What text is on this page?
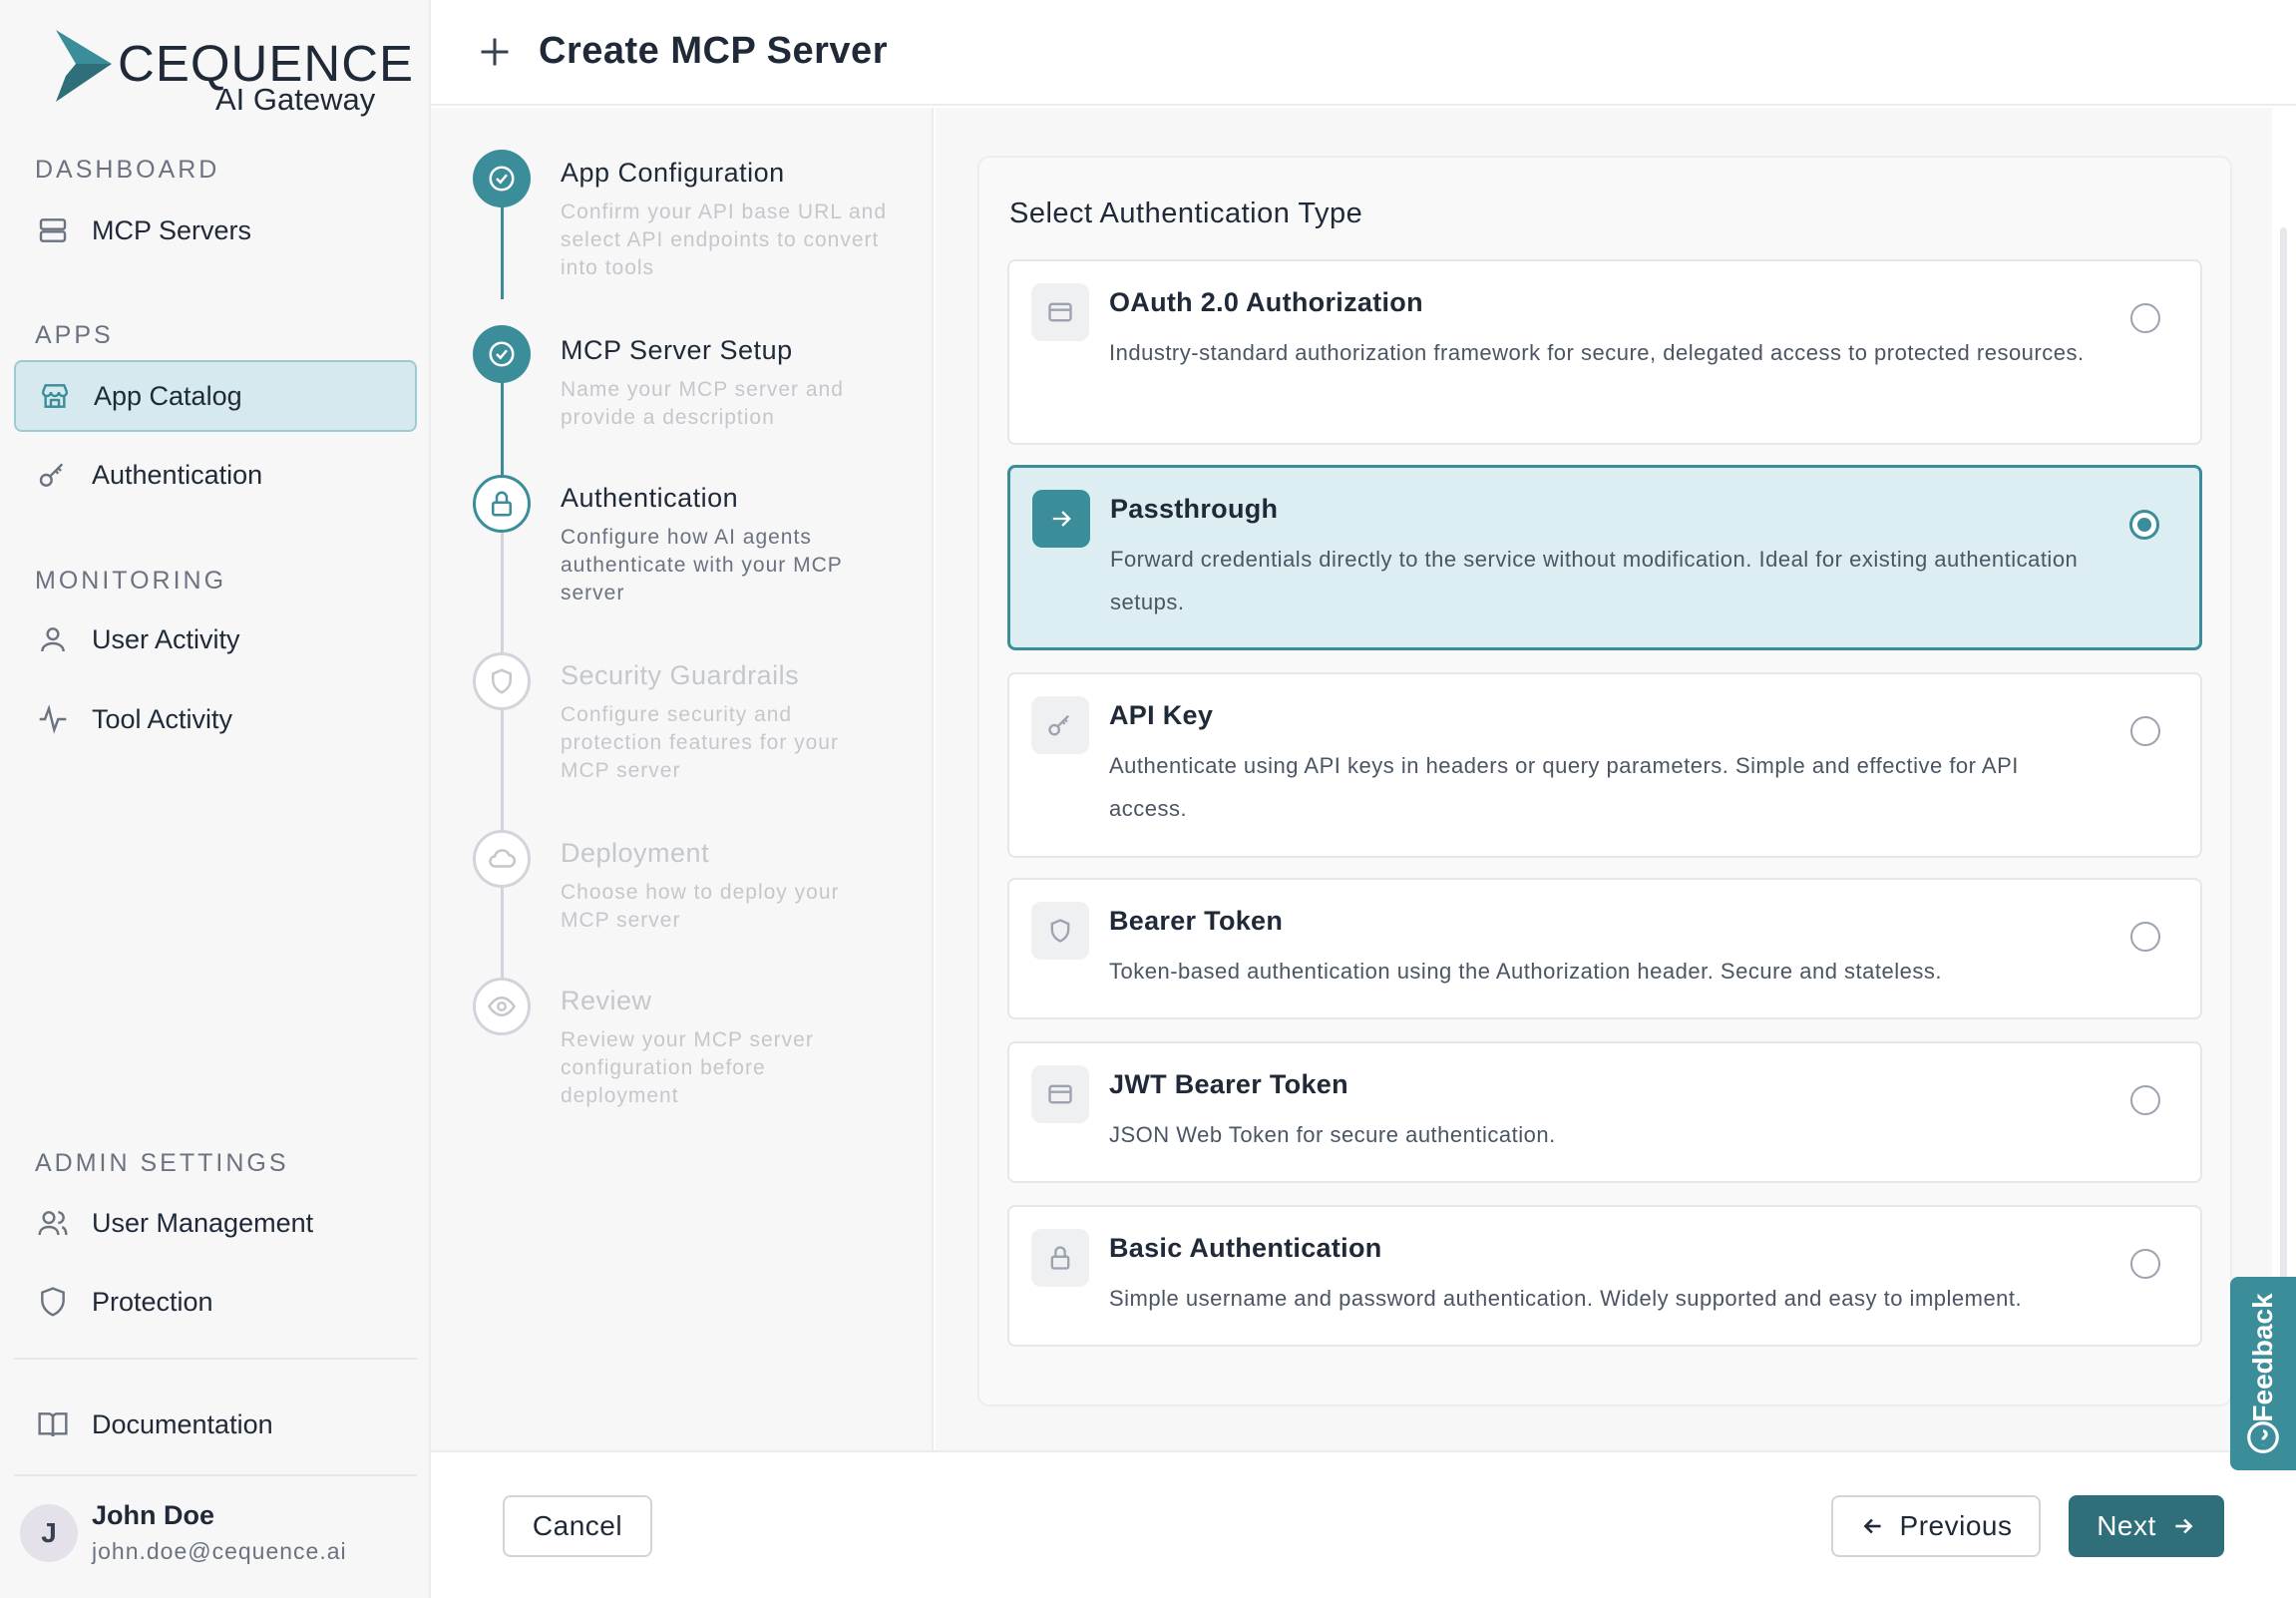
CEQUENCE
AI Gateway
DASHBOARD
MCP Servers
APPS
App Catalog
Authentication
MONITORING
User Activity
Tool Activity
ADMIN SETTINGS
User Management
Protection
Documentation
J
John Doe
john.doe@cequence.ai
Create MCP Server
App Configuration
Confirm your API base URL and select API endpoints to convert into tools
MCP Server Setup
Name your MCP server and provide a description
Authentication
Configure how AI agents authenticate with your MCP server
Security Guardrails
Configure security and protection features for your MCP server
Deployment
Choose how to deploy your MCP server
Review
Review your MCP server configuration before deployment
Select Authentication Type
OAuth 2.0 Authorization
Industry-standard authorization framework for secure, delegated access to protected resources.
Passthrough
Forward credentials directly to the service without modification. Ideal for existing authentication setups.
API Key
Authenticate using API keys in headers or query parameters. Simple and effective for API access.
Bearer Token
Token-based authentication using the Authorization header. Secure and stateless.
JWT Bearer Token
JSON Web Token for secure authentication.
Basic Authentication
Simple username and password authentication. Widely supported and easy to implement.
Cancel	Previous	Next
Feedback
